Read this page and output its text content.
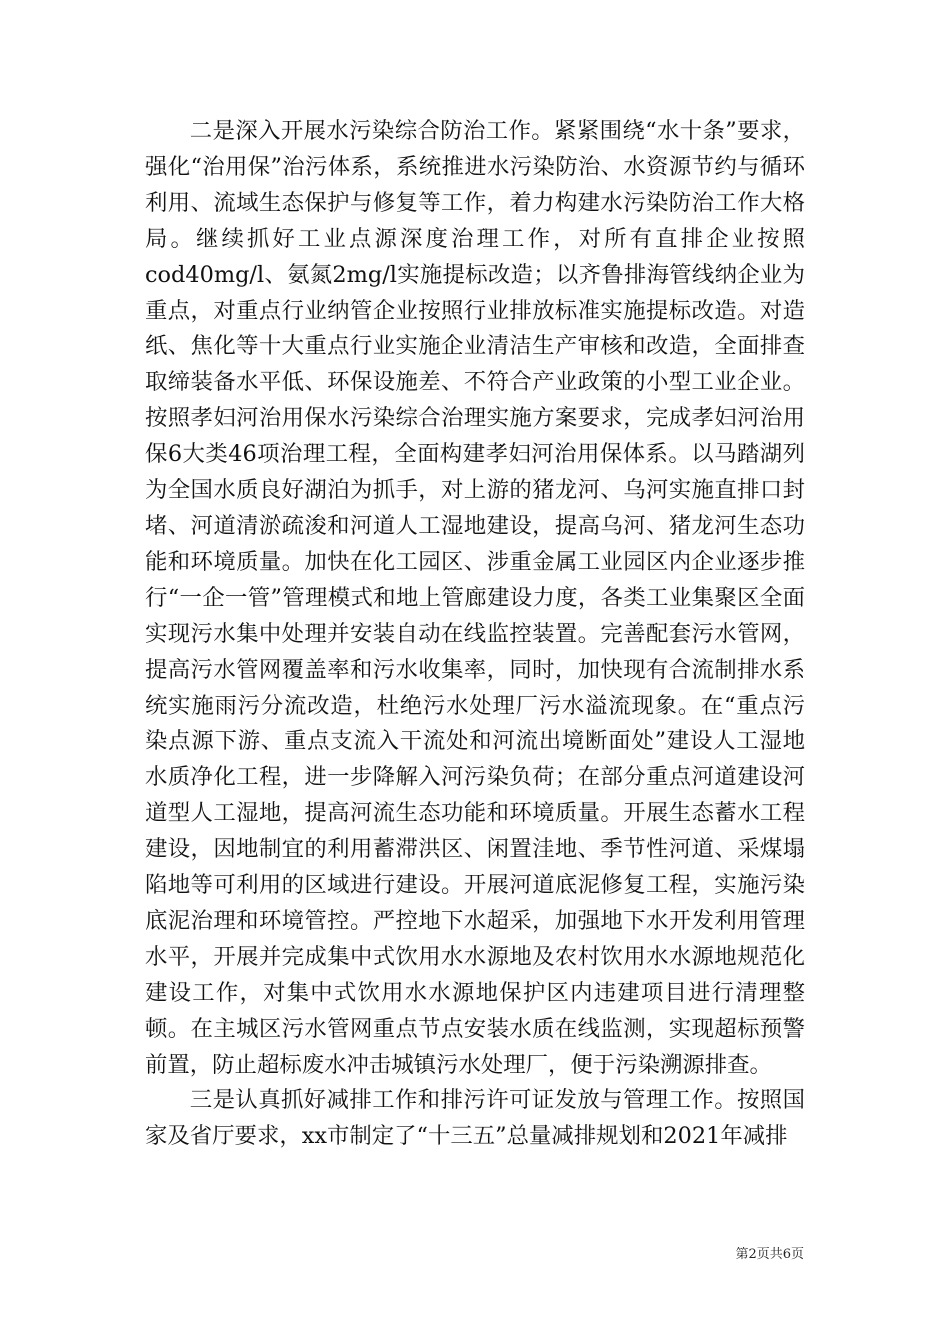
二是深入开展水污染综合防治工作。紧紧围绕“水十条”要求，强化“治用保”治污体系，系统推进水污染防治、水资源节约与循环利用、流域生态保护与修复等工作，着力构建水污染防治工作大格局。继续抓好工业点源深度治理工作，对所有直排企业按照cod40mg/l、氨氮2mg/l实施提标改造；以齐鲁排海管线纳企业为重点，对重点行业纳管企业按照行业排放标准实施提标改造。对造纸、焦化等十大重点行业实施企业清洁生产审核和改造，全面排查取缔装备水平低、环保设施差、不符合产业政策的小型工业企业。按照孝妇河治用保水污染综合治理实施方案要求，完成孝妇河治用保6大类46项治理工程，全面构建孝妇河治用保体系。以马踏湖列为全国水质良好湖泊为抓手，对上游的猪龙河、乌河实施直排口封堵、河道清淤疏浚和河道人工湿地建设，提高乌河、猪龙河生态功能和环境质量。加快在化工园区、涉重金属工业园区内企业逐步推行“一企一管”管理模式和地上管廊建设力度，各类工业集聚区全面实现污水集中处理并安装自动在线监控装置。完善配套污水管网，提高污水管网覆盖率和污水收集率，同时，加快现有合流制排水系统实施雨污分流改造，杜绝污水处理厂污水溢流现象。在“重点污染点源下游、重点支流入干流处和河流出境断面处”建设人工湿地水质净化工程，进一步降解入河污染负荷；在部分重点河道建设河道型人工湿地，提高河流生态功能和环境质量。开展生态蓄水工程建设，因地制宜的利用蓄滞洪区、闲置洼地、季节性河道、采煤塌陷地等可利用的区域进行建设。开展河道底泥修复工程，实施污染底泥治理和环境管控。严控地下水超采，加强地下水开发利用管理水平，开展并完成集中式饮用水水源地及农村饮用水水源地规范化建设工作，对集中式饮用水水源地保护区内违建项目进行清理整顿。在主城区污水管网重点节点安装水质在线监测，实现超标预警前置，防止超标废水冲击城镇污水处理厂，便于污染溯源排查。

三是认真抓好减排工作和排污许可证发放与管理工作。按照国家及省厅要求，xx市制定了“十三五”总量减排规划和2021年减排

第2页共6页
